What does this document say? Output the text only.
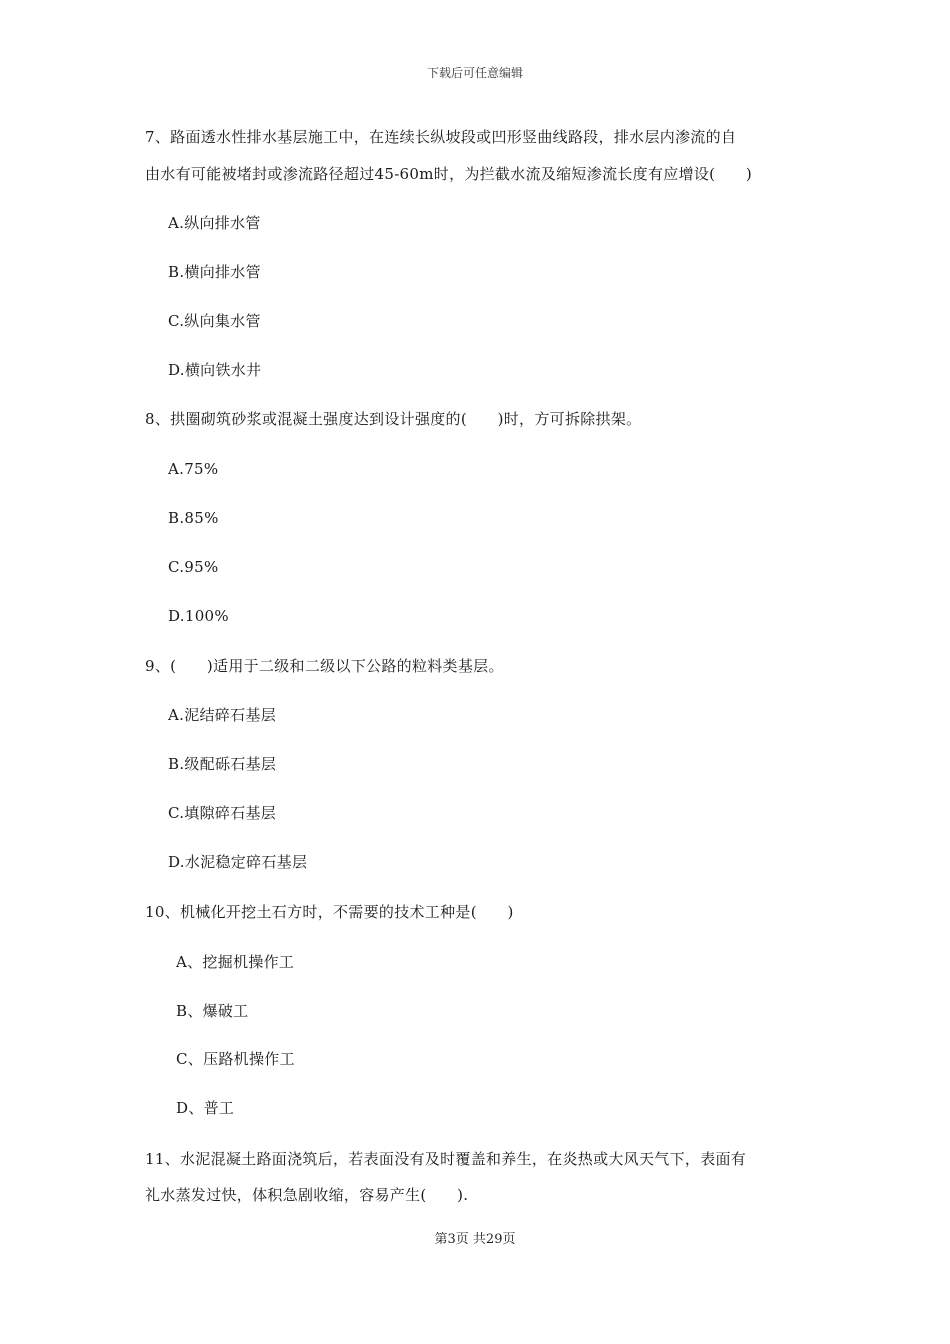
下载后可任意编辑
7、路面透水性排水基层施工中，在连续长纵坡段或凹形竖曲线路段，排水层内渗流的自
由水有可能被堵封或渗流路径超过45-60m时，为拦截水流及缩短渗流长度有应增设(　　)
A.纵向排水管
B.横向排水管
C.纵向集水管
D.横向铁水井
8、拱圈砌筑砂浆或混凝土强度达到设计强度的(　　)时，方可拆除拱架。
A.75%
B.85%
C.95%
D.100%
9、(　　)适用于二级和二级以下公路的粒料类基层。
A.泥结碎石基层
B.级配砾石基层
C.填隙碎石基层
D.水泥稳定碎石基层
10、机械化开挖土石方时，不需要的技术工种是(　　)
A、挖掘机操作工
B、爆破工
C、压路机操作工
D、普工
11、水泥混凝土路面浇筑后，若表面没有及时覆盖和养生，在炎热或大风天气下，表面有
礼水蒸发过快，体积急剧收缩，容易产生(　　).
第3页 共29页
